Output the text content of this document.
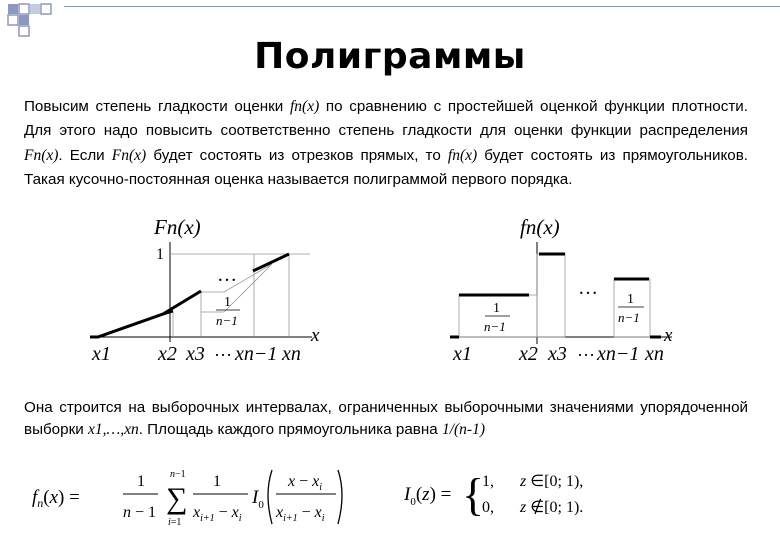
Полиграммы
Повысим степень гладкости оценки fn(x) по сравнению с простейшей оценкой функции плотности. Для этого надо повысить соответственно степень гладкости для оценки функции распределения Fn(x). Если Fn(x) будет состоять из отрезков прямых, то fn(x) будет состоять из прямоугольников. Такая кусочно-постоянная оценка называется полиграммой первого порядка.
Fn(x)
1
…
1
n−1
x
x1 x2 x3 … xn−1 xn
fn(x)
1
n−1
…
1
n−1
x
x1 x2 x3 … xn−1 xn
Она строится на выборочных интервалах, ограниченных выборочными значениями упорядоченной выборки x1,…,xn. Площадь каждого прямоугольника равна 1/(n-1)
$f_n(x)$ =
1
n − 1
n−1
∑
i=1
1
$x_{i+1} - x_i$
$I_0$
$x - x_i$
$x_{i+1} - x_i$
$I_0(z)$ = {
1, z ∈[0; 1),
0, z ∉[0; 1).
